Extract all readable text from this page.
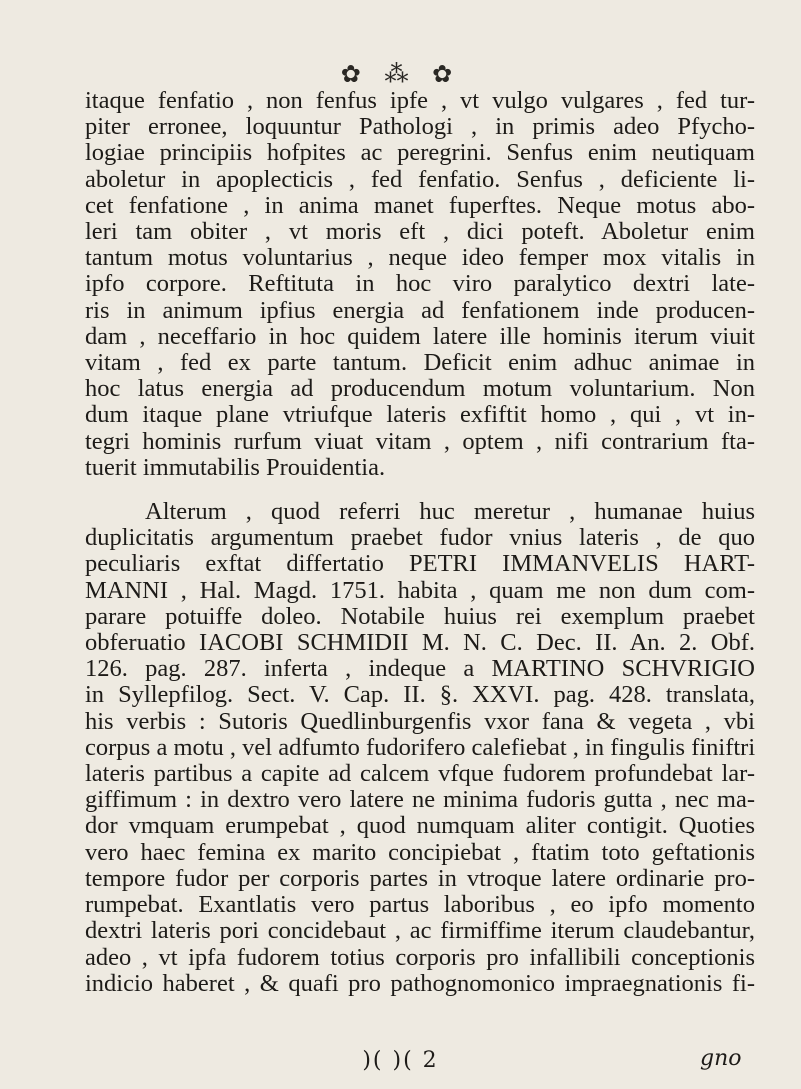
✿ ⁂ ✿
itaque fenfatio , non fenfus ipfe , vt vulgo vulgares , fed tur-
piter erronee, loquuntur Pathologi , in primis adeo Pfycho-
logiae principiis hofpites ac peregrini. Senfus enim neutiquam
aboletur in apoplecticis , fed fenfatio. Senfus , deficiente li-
cet fenfatione , in anima manet fuperftes. Neque motus abo-
leri tam obiter , vt moris eft , dici poteft. Aboletur enim
tantum motus voluntarius , neque ideo femper mox vitalis in
ipfo corpore. Reftituta in hoc viro paralytico dextri late-
ris in animum ipfius energia ad fenfationem inde producen-
dam , neceffario in hoc quidem latere ille hominis iterum viuit
vitam , fed ex parte tantum. Deficit enim adhuc animae in
hoc latus energia ad producendum motum voluntarium. Non
dum itaque plane vtriufque lateris exfiftit homo , qui , vt in-
tegri hominis rurfum viuat vitam , optem , nifi contrarium fta-
tuerit immutabilis Prouidentia.
Alterum , quod referri huc meretur , humanae huius
duplicitatis argumentum praebet fudor vnius lateris , de quo
peculiaris exftat differtatio PETRI IMMANVELIS HART-
MANNI , Hal. Magd. 1751. habita , quam me non dum com-
parare potuiffe doleo. Notabile huius rei exemplum praebet
obferuatio IACOBI SCHMIDII M. N. C. Dec. II. An. 2. Obf.
126. pag. 287. inferta , indeque a MARTINO SCHVRIGIO
in Syllepfilog. Sect. V. Cap. II. §. XXVI. pag. 428. translata,
his verbis : Sutoris Quedlinburgenfis vxor fana & vegeta , vbi
corpus a motu , vel adfumto fudorifero calefiebat , in fingulis finiftri
lateris partibus a capite ad calcem vfque fudorem profundebat lar-
giffimum : in dextro vero latere ne minima fudoris gutta , nec ma-
dor vmquam erumpebat , quod numquam aliter contigit. Quoties
vero haec femina ex marito concipiebat , ftatim toto geftationis
tempore fudor per corporis partes in vtroque latere ordinarie pro-
rumpebat. Exantlatis vero partus laboribus , eo ipfo momento
dextri lateris pori concidebaut , ac firmiffime iterum claudebantur,
adeo , vt ipfa fudorem totius corporis pro infallibili conceptionis
indicio haberet , & quafi pro pathognomonico impraegnationis fi-
)( )( 2	gno
